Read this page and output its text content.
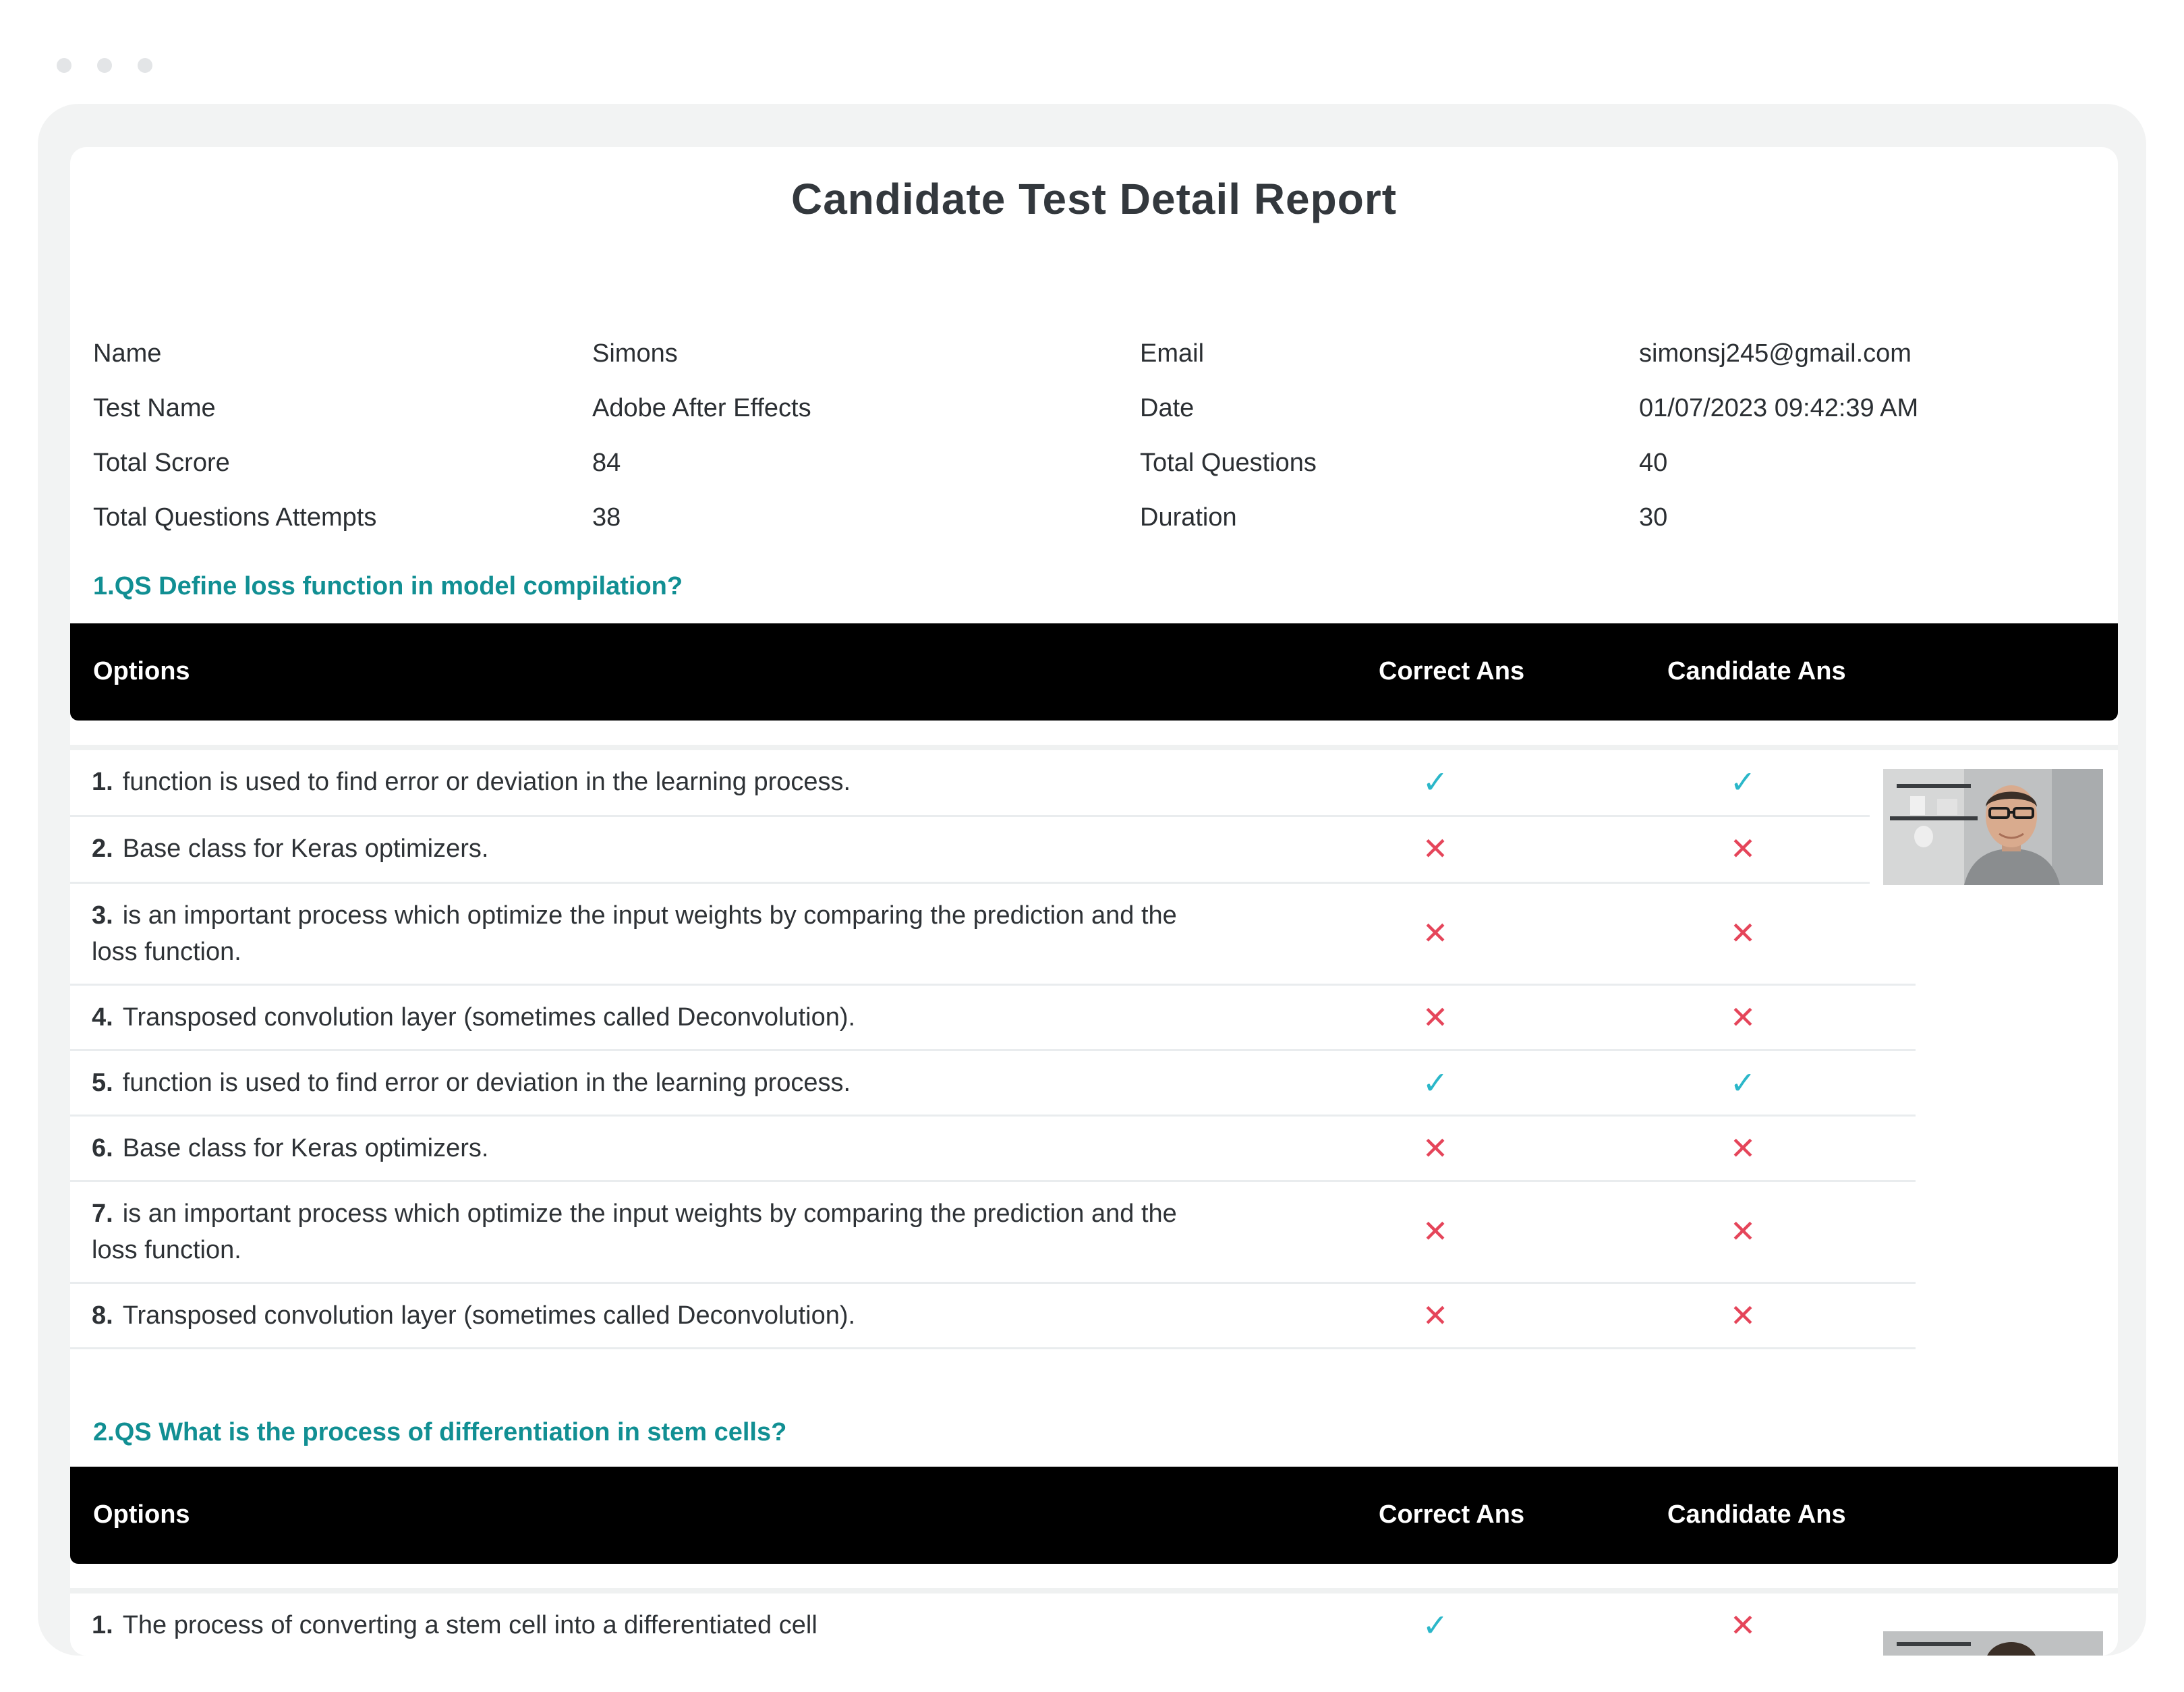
Candidate Test Detail Report
Name	Simons	Email	simonsj245@gmail.com
Test Name	Adobe After Effects	Date	01/07/2023 09:42:39 AM
Total Scrore	84	Total Questions	40
Total Questions Attempts	38	Duration	30
1.QS Define loss function in model compilation?
Options	Correct Ans	Candidate Ans
1. function is used to find error or deviation in the learning process.	✓	✓
2. Base class for Keras optimizers.	✕	✕
3. is an important process which optimize the input weights by comparing the prediction and the
loss function.
✕	✕
4. Transposed convolution layer (sometimes called Deconvolution).	✕	✕
5. function is used to find error or deviation in the learning process.	✓	✓
6. Base class for Keras optimizers.	✕	✕
7. is an important process which optimize the input weights by comparing the prediction and the
loss function.
✕	✕
8. Transposed convolution layer (sometimes called Deconvolution).	✕	✕
2.QS What is the process of differentiation in stem cells?
Options	Correct Ans	Candidate Ans
1. The process of converting a stem cell into a differentiated cell	✓	✕
